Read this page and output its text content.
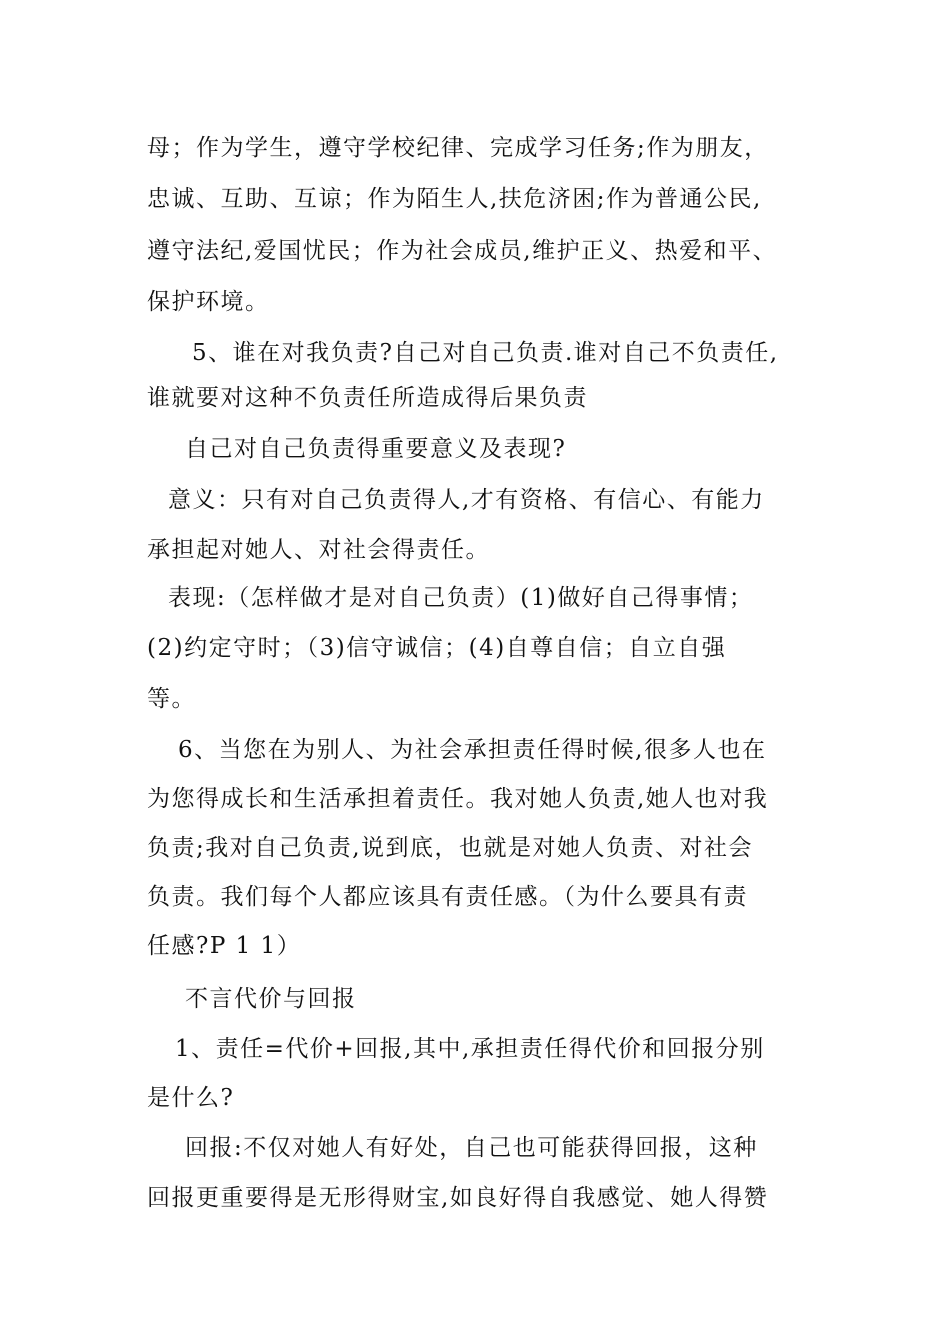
母；作为学生，遵守学校纪律、完成学习任务;作为朋友，

忠诚、互助、互谅；作为陌生人,扶危济困;作为普通公民,

遵守法纪,爱国忧民；作为社会成员,维护正义、热爱和平、

保护环境。

5、谁在对我负责?自己对自己负责.谁对自己不负责任,

谁就要对这种不负责任所造成得后果负责

自己对自己负责得重要意义及表现?

意义：只有对自己负责得人,才有资格、有信心、有能力

承担起对她人、对社会得责任。

表现:（怎样做才是对自己负责）(1)做好自己得事情；

(2)约定守时；（3)信守诚信；(4)自尊自信；自立自强

等。

6、当您在为别人、为社会承担责任得时候,很多人也在

为您得成长和生活承担着责任。我对她人负责,她人也对我

负责;我对自己负责,说到底，也就是对她人负责、对社会

负责。我们每个人都应该具有责任感。（为什么要具有责

任感?P 1 1）

不言代价与回报

1、责任=代价+回报,其中,承担责任得代价和回报分别

是什么?

回报:不仅对她人有好处，自己也可能获得回报，这种

回报更重要得是无形得财宝,如良好得自我感觉、她人得赞
